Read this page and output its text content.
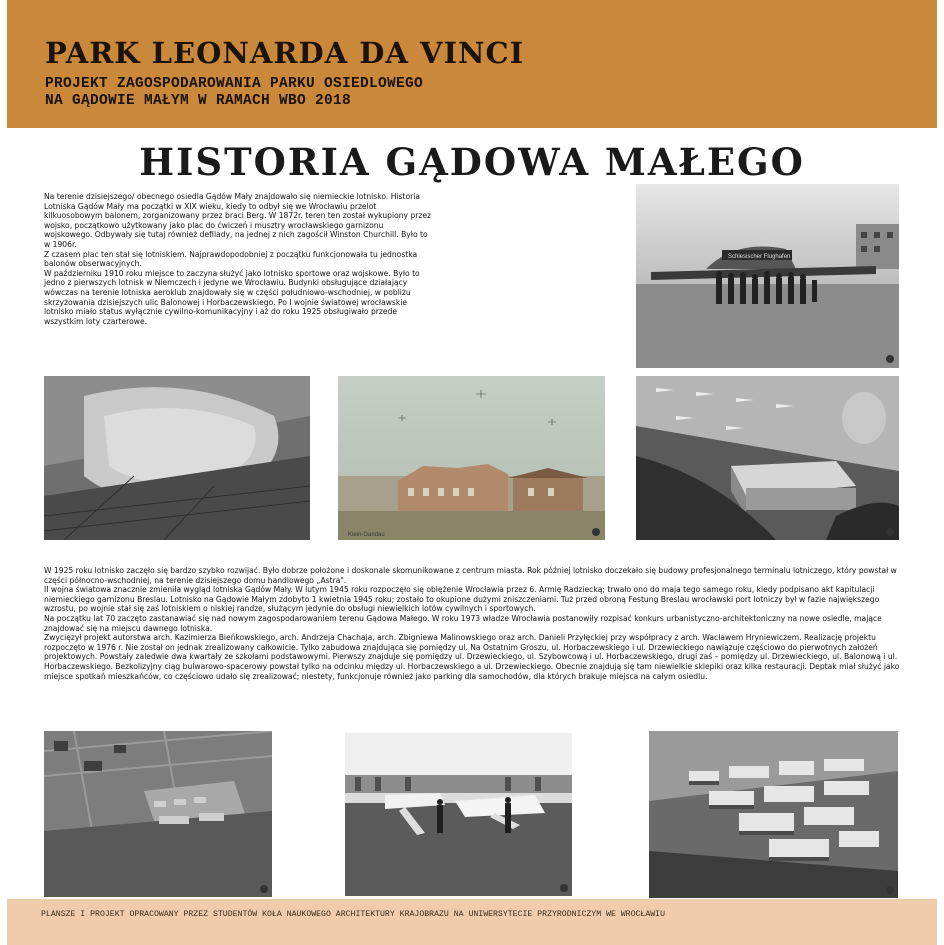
PARK LEONARDA DA VINCI
PROJEKT ZAGOSPODAROWANIA PARKU OSIEDLOWEGO
NA GĄDOWIE MAŁYM W RAMACH WBO 2018
HISTORIA GĄDOWA MAŁEGO

Na terenie dzisiejszego/ obecnego osiedla Gądów Mały znajdowało się niemieckie lotnisko. Historia Lotniska Gądów Mały ma początki w XIX wieku, kiedy to odbył się we Wrocławiu przelot kilkuosobowym balonem, zorganizowany przez braci Berg. W 1872r. teren ten został wykupiony przez wojsko, początkowo użytkowany jako plac do ćwiczeń i musztry wrocławskiego garnizonu wojskowego. Odbywały się tutaj również defilady, na jednej z nich zagościł Winston Churchill. Było to w 1906r.

Z czasem plac ten stał się lotniskiem. Najprawdopodobniej z początku funkcjonowała tu jednostka balonów obserwacyjnych.

W październiku 1910 roku miejsce to zaczyna służyć jako lotnisko sportowe oraz wojskowe. Było to jedno z pierwszych lotnisk w Niemczech i jedyne we Wrocławiu. Budynki obsługujące działający wówczas na terenie lotniska aeroklub znajdowały się w części południowo-wschodniej, w pobliżu skrzyżowania dzisiejszych ulic Balonowej i Horbaczewskiego. Po I wojnie światowej wrocławskie lotnisko miało status wyłącznie cywilno-komunikacyjny i aż do roku 1925 obsługiwało przede wszystkim loty czarterowe.

Schlesischer Flughafen
Klein-Gandau

W 1925 roku lotnisko zaczęło się bardzo szybko rozwijać. Było dobrze położone i doskonale skomunikowane z centrum miasta. Rok później lotnisko doczekało się budowy profesjonalnego terminalu lotniczego, który powstał w części północno-wschodniej, na terenie dzisiejszego domu handlowego „Astra".

II wojna światowa znacznie zmieniła wygląd lotniska Gądów Mały. W lutym 1945 roku rozpoczęło się oblężenie Wrocławia przez 6. Armię Radziecką; trwało ono do maja tego samego roku, kiedy podpisano akt kapitulacji niemieckiego garnizonu Breslau. Lotnisko na Gądowie Małym zdobyto 1 kwietnia 1945 roku; zostało to okupione dużymi zniszczeniami. Tuż przed obroną Festung Breslau wrocławski port lotniczy był w fazie największego wzrostu, po wojnie stał się zaś lotniskiem o niskiej randze, służącym jedynie do obsługi niewielkich lotów cywilnych i sportowych.

Na początku lat 70 zaczęto zastanawiać się nad nowym zagospodarowaniem terenu Gądowa Małego. W roku 1973 władze Wrocławia postanowiły rozpisać konkurs urbanistyczno-architektoniczny na nowe osiedle, mające znajdować się na miejscu dawnego lotniska.

Zwycięzył projekt autorstwa arch. Kazimierza Bieńkowskiego, arch. Andrzeja Chachaja, arch. Zbigniewa Malinowskiego oraz arch. Danieli Przyłęckiej przy współpracy z arch. Wacławem Hryniewiczem. Realizację projektu rozpoczęto w 1976 r. Nie został on jednak zrealizowany całkowicie. Tylko zabudowa znajdująca się pomiędzy ul. Na Ostatnim Groszu, ul. Horbaczewskiego i ul. Drzewieckiego nawiązuje częściowo do pierwotnych założeń projektowych. Powstały zaledwie dwa kwartały ze szkołami podstawowymi. Pierwszy znajduje się pomiędzy ul. Drzewieckiego, ul. Szybowcową i ul. Horbaczewskiego, drugi zaś – pomiędzy ul. Drzewieckiego, ul. Balonową i ul. Horbaczewskiego. Bezkolizyjny ciąg bulwarowo-spacerowy powstał tylko na odcinku między ul. Horbaczewskiego a ul. Drzewieckiego. Obecnie znajdują się tam niewielkie sklepiki oraz kilka restauracji. Deptak miał służyć jako miejsce spotkań mieszkańców, co częściowo udało się zrealizować; niestety, funkcjonuje również jako parking dla samochodów, dla których brakuje miejsca na całym osiedlu.

PLANSZE I PROJEKT OPRACOWANY PRZEZ STUDENTÓW KOŁA NAUKOWEGO ARCHITEKTURY KRAJOBRAZU NA UNIWERSYTECIE PRZYRODNICZYM WE WROCŁAWIU
